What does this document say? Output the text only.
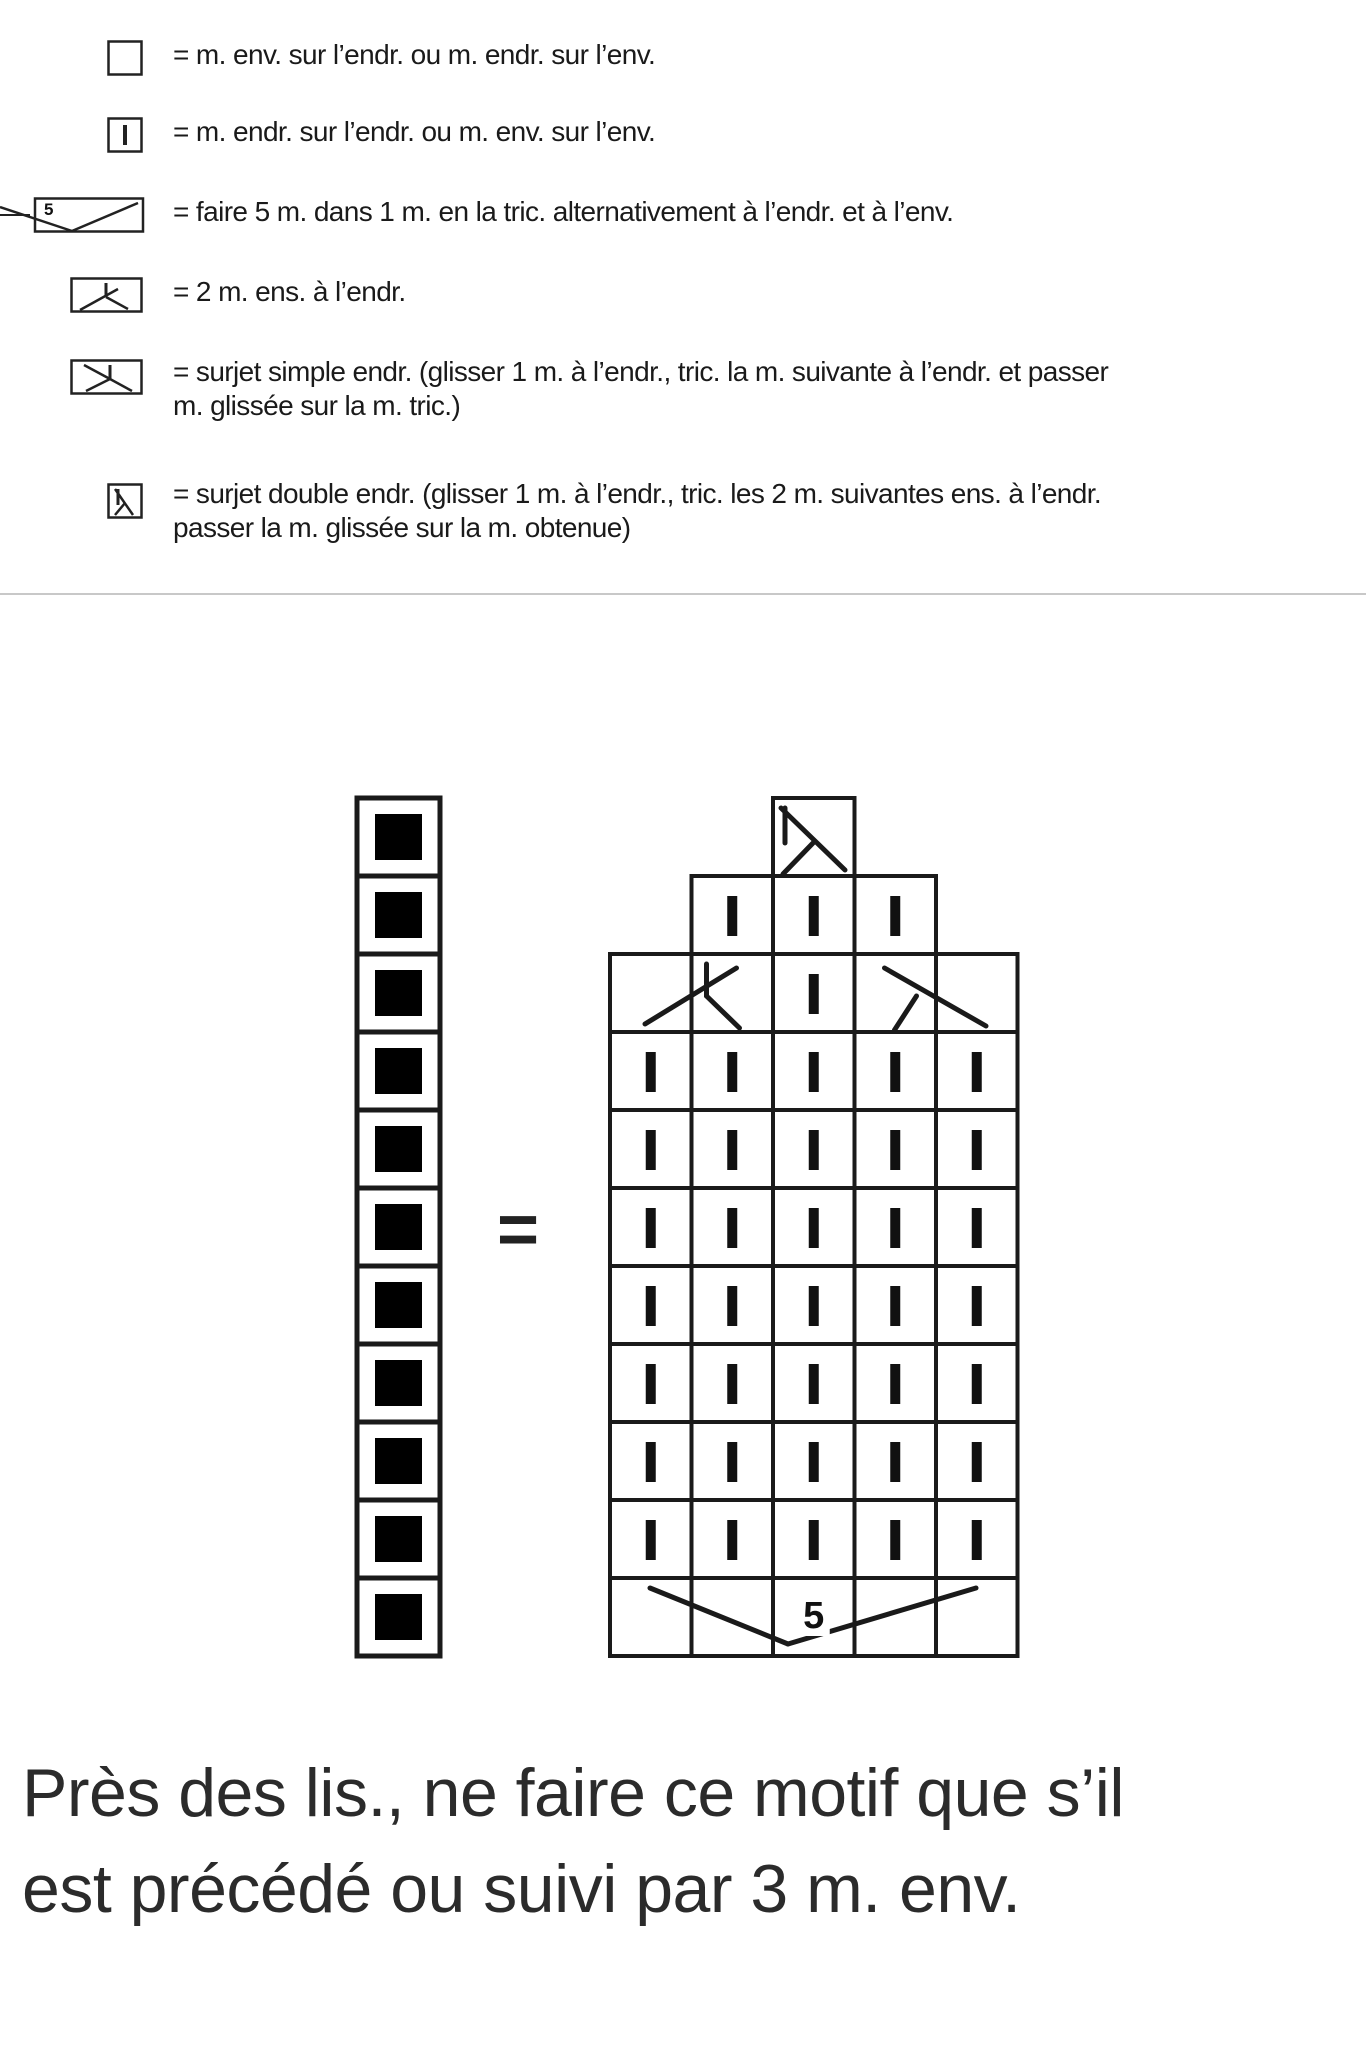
= m. env. sur l’endr. ou m. endr. sur l’env.
= m. endr. sur l’endr. ou m. env. sur l’env.
5	= faire 5 m. dans 1 m. en la tric. alternativement à l’endr. et à l’env.
= 2 m. ens. à l’endr.
= surjet simple endr. (glisser 1 m. à l’endr., tric. la m. suivante à l’endr. et passer
m. glissée sur la m. tric.)
= surjet double endr. (glisser 1 m. à l’endr., tric. les 2 m. suivantes ens. à l’endr.
passer la m. glissée sur la m. obtenue)
=
5
Près des lis., ne faire ce motif que s’il
est précédé ou suivi par 3 m. env.
